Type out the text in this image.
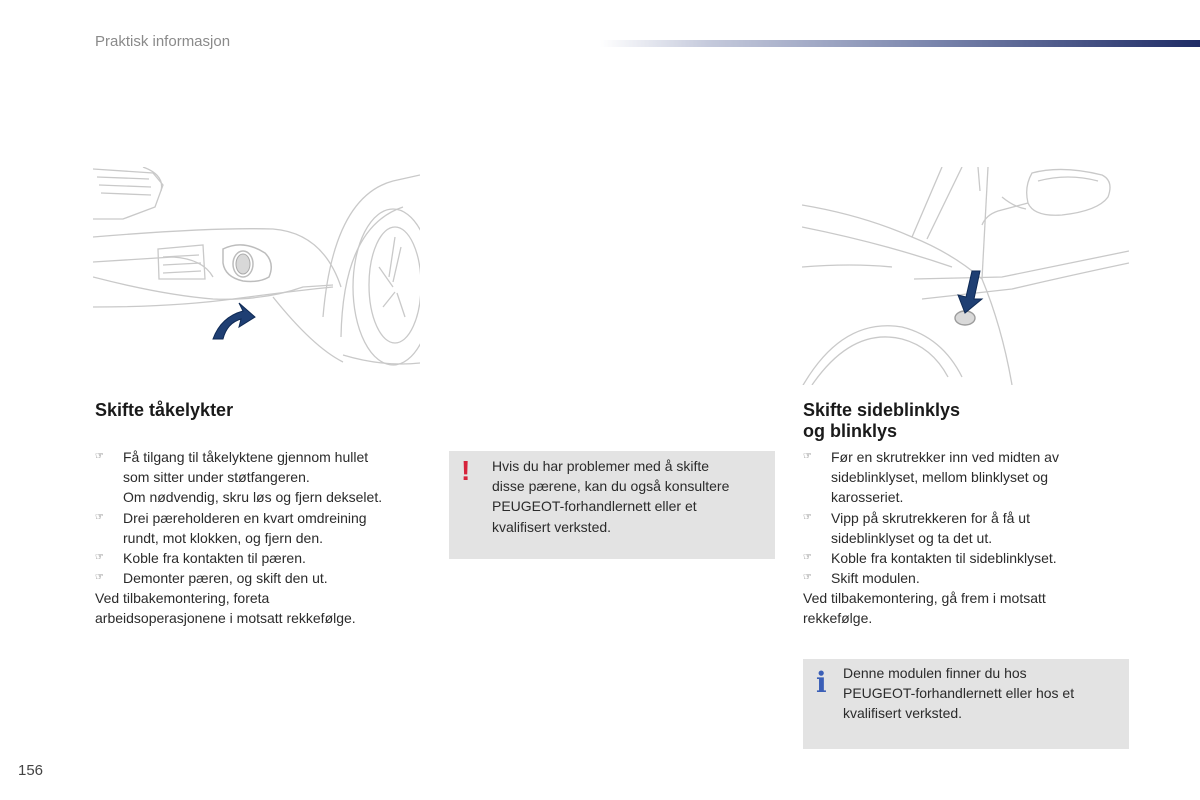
Praktisk informasjon
Skifte tåkelykter
☞ Få tilgang til tåkelyktene gjennom hullet
som sitter under støtfangeren.
Om nødvendig, skru løs og fjern dekselet.
☞ Drei pæreholderen en kvart omdreining
rundt, mot klokken, og fjern den.
☞ Koble fra kontakten til pæren.
☞ Demonter pæren, og skift den ut.

Ved tilbakemontering, foreta
arbeidsoperasjonene i motsatt rekkefølge.

! Hvis du har problemer med å skifte
disse pærene, kan du også konsultere
PEUGEOT-forhandlernett eller et
kvalifisert verksted.
Skifte sideblinklys
og blinklys
☞ Før en skrutrekker inn ved midten av
sideblinklyset, mellom blinklyset og
karosseriet.
☞ Vipp på skrutrekkeren for å få ut
sideblinklyset og ta det ut.
☞ Koble fra kontakten til sideblinklyset.
☞ Skift modulen.

Ved tilbakemontering, gå frem i motsatt
rekkefølge.

i Denne modulen finner du hos
PEUGEOT-forhandlernett eller hos et
kvalifisert verksted.
156
